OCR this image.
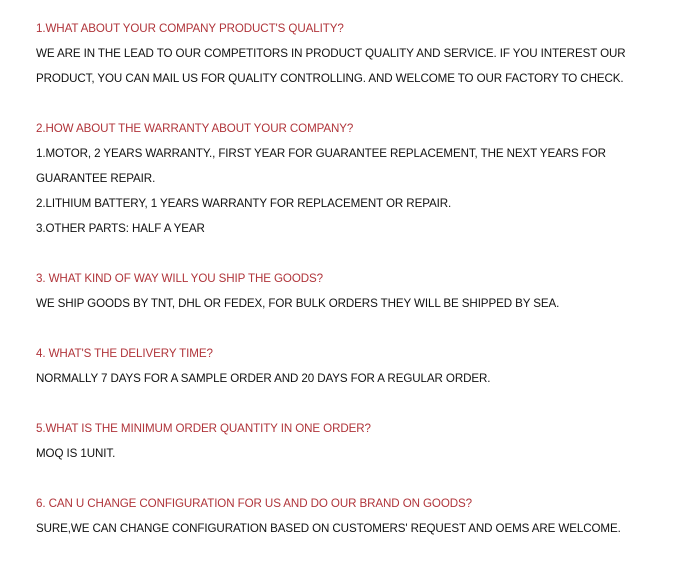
1.WHAT ABOUT YOUR COMPANY PRODUCT'S QUALITY?
WE ARE IN THE LEAD TO OUR COMPETITORS IN PRODUCT QUALITY AND SERVICE. IF YOU INTEREST OUR PRODUCT, YOU CAN MAIL US FOR QUALITY CONTROLLING. AND WELCOME TO OUR FACTORY TO CHECK.
2.HOW ABOUT THE WARRANTY ABOUT YOUR COMPANY?
1.MOTOR, 2 YEARS WARRANTY., FIRST YEAR FOR GUARANTEE REPLACEMENT, THE NEXT YEARS FOR GUARANTEE REPAIR.
2.LITHIUM BATTERY, 1 YEARS WARRANTY FOR REPLACEMENT OR REPAIR.
3.OTHER PARTS: HALF A YEAR
3. WHAT KIND OF WAY WILL YOU SHIP THE GOODS?
WE SHIP GOODS BY TNT, DHL OR FEDEX, FOR BULK ORDERS THEY WILL BE SHIPPED BY SEA.
4. WHAT'S THE DELIVERY TIME?
NORMALLY 7 DAYS FOR A SAMPLE ORDER AND 20 DAYS FOR A REGULAR ORDER.
5.WHAT IS THE MINIMUM ORDER QUANTITY IN ONE ORDER?
MOQ IS 1UNIT.
6. CAN U CHANGE CONFIGURATION FOR US AND DO OUR BRAND ON GOODS?
SURE,WE CAN CHANGE CONFIGURATION BASED ON CUSTOMERS' REQUEST AND OEMS ARE WELCOME.
